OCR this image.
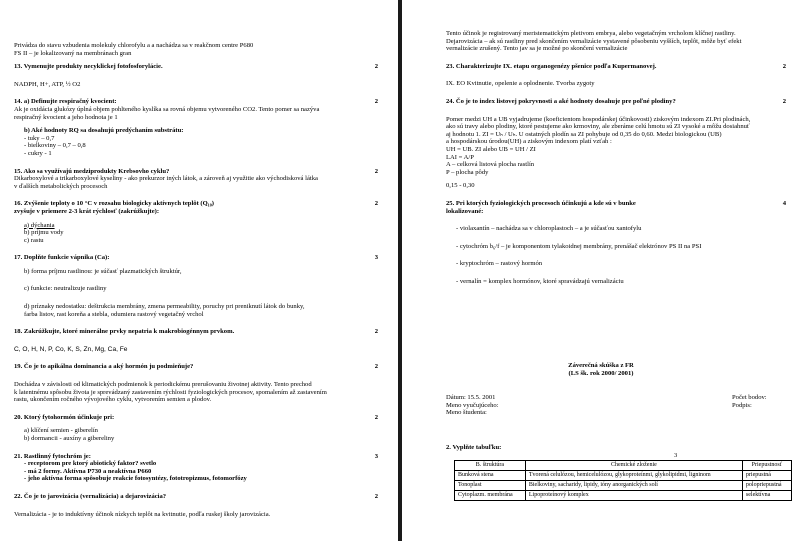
Privádza do stavu vzbudenia molekuly chlorofylu a a nachádza sa v reakčnom centre P680
FS II – je lokalizovaný na membránach gran
13. Vymenujte produkty necyklickej fotofosforylácie.	2
NADPH, H+, ATP, ½ O2
14. a) Definujte respiračný kvocient:	2
Ak je oxidácia glukózy úplná objem pohlteného kyslíka sa rovná objemu vytvoreného CO2. Tento pomer sa nazýva
respiračný kvocient a jeho hodnota je 1
b) Aké hodnoty RQ sa dosahujú predýchaním substrátu:
- tuky – 0,7
- bielkoviny – 0,7 – 0,8
- cukry - 1
15. Ako sa využívajú medziprodukty Krebsovho cyklu?	2
Dikarboxylové a trikarboxylové kyseliny - ako prekurzor iných látok, a zároveň aj využitie ako východisková látka
v ďalších metabolických procesoch
16. Zvýšenie teploty o 10 °C v rozsahu biologicky aktívnych teplôt (Q₁₀)	2
zvyšuje v priemere 2-3 krát rýchlosť (zakrúžkujte):
a) dýchania
b) príjmu vody
c) rastu
17. Doplňte funkcie vápnika (Ca):	3
b) forma príjmu rastlinou: je súčasť plazmatických štruktúr,
c) funkcie: neutralizuje rastliny
d) príznaky nedostatku: deštrukcia membrány, zmena permeability, poruchy pri preniknutí látok do bunky,
farba listov, rast koreňa a stebla, odumiera rastový vegetačný vrchol
18. Zakrúžkujte, ktoré minerálne prvky nepatria k makrobiogénnym prvkom.	2
C, O, H, N, P, Co, K, S, Zn, Mg, Ca, Fe
19. Čo je to apikálna dominancia a aký hormón ju podmieňuje?	2
Dochádza v závislosti od klimatických podmienok k periodickému prerušovaniu životnej aktivity. Tento prechod
k latentnému spôsobu života je sprevádzaný zastavením rýchlosti fyziologických procesov, spomalením až zastavením
rastu, ukončením ročného vývojového cyklu, vytvorením semien a plodov.
20. Ktorý fytohormón účinkuje pri:	2
a) klíčení semien - giberelín
b) dormancii - auxíny a gibereliny
21. Rastlinný fytochróm je:	3
- receptorom pre ktorý abiotický faktor? svetlo
- má 2 formy. Aktívna P730 a neaktívna P660
- jeho aktívna forma spôsobuje reakcie fotosyntézy, fototropizmus, fotomorfózy
22. Čo je to jarovizácia (vernalizácia) a dejarovizácia?	2
Vernalizácia - je to induktívny účinok nízkych teplôt na kvitnutie, podľa ruskej školy jarovizácia.
Tento účinok je registrovaný meristematickým pletivom embrya, alebo vegetačným vrcholom klíčnej rastliny.
Dejarovizácia – ak sú rastliny pred skončením vernalizácie vystavené pôsobeniu vyšších, teplôt, môže byť efekt
vernalizácie zrušený. Tento jav sa je možné po skončení vernalizácie
23. Charakterizujte IX. etapu organogenézy pšenice podľa Kupermanovej.	2
IX. EO Kvitnutie, opelenie a oplodnenie. Tvorba zygoty
24. Čo je to index listovej pokryvnosti a aké hodnoty dosahuje pre poľné plodiny?	2
Pomer medzi UH a UB vyjadrujeme (koeficientom hospodárskej účinkovosti) ziskovým indexom ZI.Pri plodinách,
ako sú travy alebo plodiny, ktoré pestujeme ako krmoviny, ale zberáme celú hmotu sú ZI vysoké a môžu dosiahnuť
aj hodnotu 1. ZI = Uₕ / Uₕ. U ostatných plodín sa ZI pohybuje od 0,35 do 0,60. Medzi biologickou (UB)
a hospodárskou úrodou(UH) a ziskovým indexom platí vzťah :
UH = UB. ZI alebo UB = UH / ZI
LAI = A/P
A – celková listová plocha rastlín
P – plocha pôdy
0,15 - 0,30
25. Pri ktorých fyziologických procesoch účinkujú a kde sú v bunke	4
lokalizované:
- violaxantín – nachádza sa v chloroplastoch – a je súčasťou xantofylu
- cytochróm b₆/f – je komponentom tylakoidnej membrány, prenášač elektrónov PS II na PSI
- kryptochróm – rastový hormón
- vernalín = komplex hormónov, ktoré spravádzajú vernalizáciu
Záverečná skúška z FR
(LS šk. rok 2000/ 2001)
Dátum: 15.5. 2001
Meno vyučujúceho:
Meno študenta:
Počet bodov:
Podpis:
2. Vyplňte tabuľku:
3
B. štruktúra	Chemické zloženie	Priepustnosť
Bunková stena	Tvorená celulózou, hemicelulózou, glykoproteínmi, glykolipidmi, ligninom	priepustná
Tonoplast	Bielkoviny, sacharidy, lipidy, ióny anorganických solí	polopriepustná
Cytoplazm. membrána	Lipoproteínový komplex	selektívna
